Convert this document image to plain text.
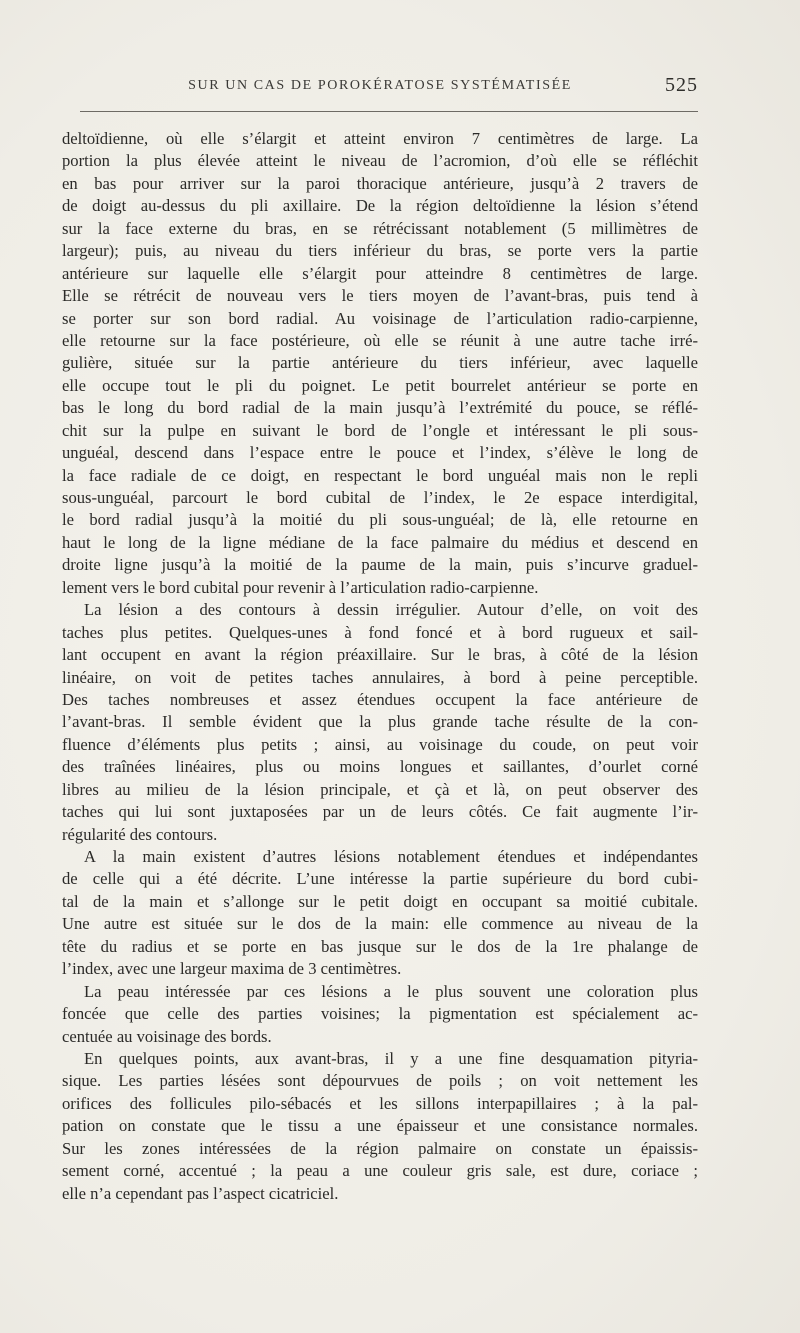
SUR UN CAS DE POROKÉRATOSE SYSTÉMATISÉE	525
deltoïdienne, où elle s’élargit et atteint environ 7 centimètres de large. La
portion la plus élevée atteint le niveau de l’acromion, d’où elle se réfléchit
en bas pour arriver sur la paroi thoracique antérieure, jusqu’à 2 travers de
de doigt au-dessus du pli axillaire. De la région deltoïdienne la lésion s’étend
sur la face externe du bras, en se rétrécissant notablement (5 millimètres de
largeur); puis, au niveau du tiers inférieur du bras, se porte vers la partie
antérieure sur laquelle elle s’élargit pour atteindre 8 centimètres de large.
Elle se rétrécit de nouveau vers le tiers moyen de l’avant-bras, puis tend à
se porter sur son bord radial. Au voisinage de l’articulation radio-carpienne,
elle retourne sur la face postérieure, où elle se réunit à une autre tache irré-
gulière, située sur la partie antérieure du tiers inférieur, avec laquelle
elle occupe tout le pli du poignet. Le petit bourrelet antérieur se porte en
bas le long du bord radial de la main jusqu’à l’extrémité du pouce, se réflé-
chit sur la pulpe en suivant le bord de l’ongle et intéressant le pli sous-
unguéal, descend dans l’espace entre le pouce et l’index, s’élève le long de
la face radiale de ce doigt, en respectant le bord unguéal mais non le repli
sous-unguéal, parcourt le bord cubital de l’index, le 2e espace interdigital,
le bord radial jusqu’à la moitié du pli sous-unguéal; de là, elle retourne en
haut le long de la ligne médiane de la face palmaire du médius et descend en
droite ligne jusqu’à la moitié de la paume de la main, puis s’incurve graduel-
lement vers le bord cubital pour revenir à l’articulation radio-carpienne.
La lésion a des contours à dessin irrégulier. Autour d’elle, on voit des
taches plus petites. Quelques-unes à fond foncé et à bord rugueux et sail-
lant occupent en avant la région préaxillaire. Sur le bras, à côté de la lésion
linéaire, on voit de petites taches annulaires, à bord à peine perceptible.
Des taches nombreuses et assez étendues occupent la face antérieure de
l’avant-bras. Il semble évident que la plus grande tache résulte de la con-
fluence d’éléments plus petits ; ainsi, au voisinage du coude, on peut voir
des traînées linéaires, plus ou moins longues et saillantes, d’ourlet corné
libres au milieu de la lésion principale, et çà et là, on peut observer des
taches qui lui sont juxtaposées par un de leurs côtés. Ce fait augmente l’ir-
régularité des contours.
A la main existent d’autres lésions notablement étendues et indépendantes
de celle qui a été décrite. L’une intéresse la partie supérieure du bord cubi-
tal de la main et s’allonge sur le petit doigt en occupant sa moitié cubitale.
Une autre est située sur le dos de la main: elle commence au niveau de la
tête du radius et se porte en bas jusque sur le dos de la 1re phalange de
l’index, avec une largeur maxima de 3 centimètres.
La peau intéressée par ces lésions a le plus souvent une coloration plus
foncée que celle des parties voisines; la pigmentation est spécialement ac-
centuée au voisinage des bords.
En quelques points, aux avant-bras, il y a une fine desquamation pityria-
sique. Les parties lésées sont dépourvues de poils ; on voit nettement les
orifices des follicules pilo-sébacés et les sillons interpapillaires ; à la pal-
pation on constate que le tissu a une épaisseur et une consistance normales.
Sur les zones intéressées de la région palmaire on constate un épaissis-
sement corné, accentué ; la peau a une couleur gris sale, est dure, coriace ;
elle n’a cependant pas l’aspect cicatriciel.
